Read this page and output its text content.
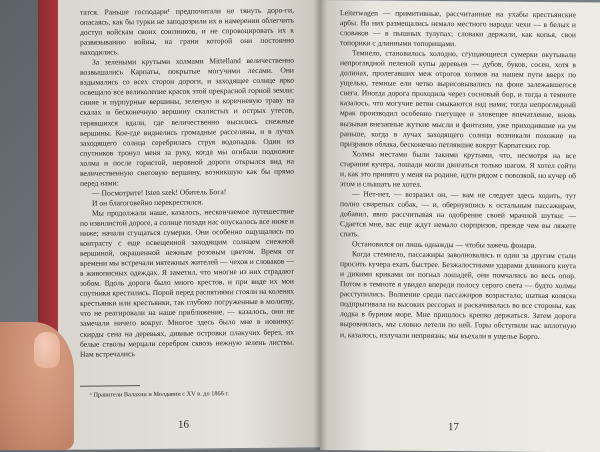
татся. Раньше господари¹ предпочитали не тянуть доро-ги, опасаясь, как бы турки не заподозрили их в намерении облегчить доступ войскам своих союзников, и не спровоцировать их к развязыванию войны, на грани которой они постоянно находились.

За зелеными крутыми холмами Mittelland величественно возвышались Карпаты, покрытые могучими лесами. Они вздымались со всех сторон дороги, и заходящее солнце ярко освещало все великолепие красок этой прекрасной горной земли: синие и пурпурные вершины, зеленую и коричневую траву на скалах и бесконечную вершину скалистых и острых утесов, терявшихся вдали, где величественно высились снежные вершины. Кое-где виднелись громадные расселины, и в лучах заходящего солнца серебрилась струя водопадов. Один из спутников тронул меня за руку, когда мы огибали подножие холма и после гористой, неровной дороги открылся вид на величественную снеговую вершину, возникшую как бы прямо перед нами:

— Посмотрите! Isten szek! Обитель Бога!

И он благоговейно перекрестился.

Мы продолжали наше, казалось, нескончаемое путешествие по извилистой дороге, а солнце позади нас опускалось все ниже и ниже; начали сгущаться сумерки. Они особенно ощущались по контрасту с еще освещенной заходящим солнцем снежной вершиной, окрашенной нежным розовым цветом. Время от времени мы встречали мятежных жителей — чехов и словаков — в живописных одеждах. Я заметил, что многие из них страдают зобом. Вдоль дороги было много крестов, и при виде их мои спутники крестились. Порой перед распятиями стояли на коленях крестьянки или крестьянки, так глубоко погруженные в молитву, что не реагировали на наше приближение, — казалось, они не замечали ничего вокруг. Многое здесь было мне в новинку: скирды сена на деревьях, дивные островки плакучих берез, их белые стволы мерцали серебром сквозь нежную зелень листвы. Нам встречались

¹ Правители Валахии и Молдавии с XV в. до 1866 г.
16

Leiterwagen — примитивные, рассчитанные на ухабы крестьянские арбы. На них размещались немало местного народа: чехи — в белых и словаков — в пышных тулупах; словаки держали, как копья, свои топорики с длинными топорищами.

Темнело, становилось холодно, сгущающиеся сумерки окутывали непроглядной пеленой купы деревьев — дубов, буков, сосен, хотя в долинах, пролегавших меж отрогов холмов на нашем пути вверх по ущелью, темные ели четко вырисовывались на фоне залежавшегося снега. Иногда дорога проходила через сосновый бор, и тогда в темноте казалось, что могучие ветви смыкаются над нами; тогда непроглядный мрак производил особенно гнетущее и зловещее впечатление, вновь вызывая внезапные жуткие мысли и фантазии, уже приходившие на ум раньше, когда в лучах заходящего солнца возникали похожие на призраков облака, бесконечно петлявшие вокруг Карпатских гор.

Холмы местами были такими крутыми, что, несмотря на все старания кучера, лошади могли двигаться только шагом. Я хотел сойти и, как это принято у меня на родине, идти рядом с повозкой, но кучер об этом и слышать не хотел.

— Нет-нет, — возразил он, — вам не следует здесь ходить, тут полно свирепых собак, — и, обернувшись к остальным пассажирам, добавил, явно рассчитывая на одобрение своей мрачной шутки: — Сдается мне, вас еще ждут немало сюрпризов, прежде чем вы ляжете спать.

Остановился он лишь однажды — чтобы зажечь фонари.

Когда стемнело, пассажиры заволновались и один за другим стали просить кучера ехать быстрее. Безжалостными ударами длинного кнута и дикими криками он погнал лошадей, они помчались во весь опор. Потом в темноте я увидел впереди полосу серого света — будто холмы расступились. Волнение среди пассажиров возрастало; шаткая коляска подпрыгивала на высоких рессорах и раскачивалась во все стороны, как лодка в бурном море. Мне пришлось крепко держаться. Затем дорога выровнялась, мы словно летели по ней. Горы обступили нас вплотную и, казалось, излучали неприязнь: мы въехали в ущелье Борго.

17
